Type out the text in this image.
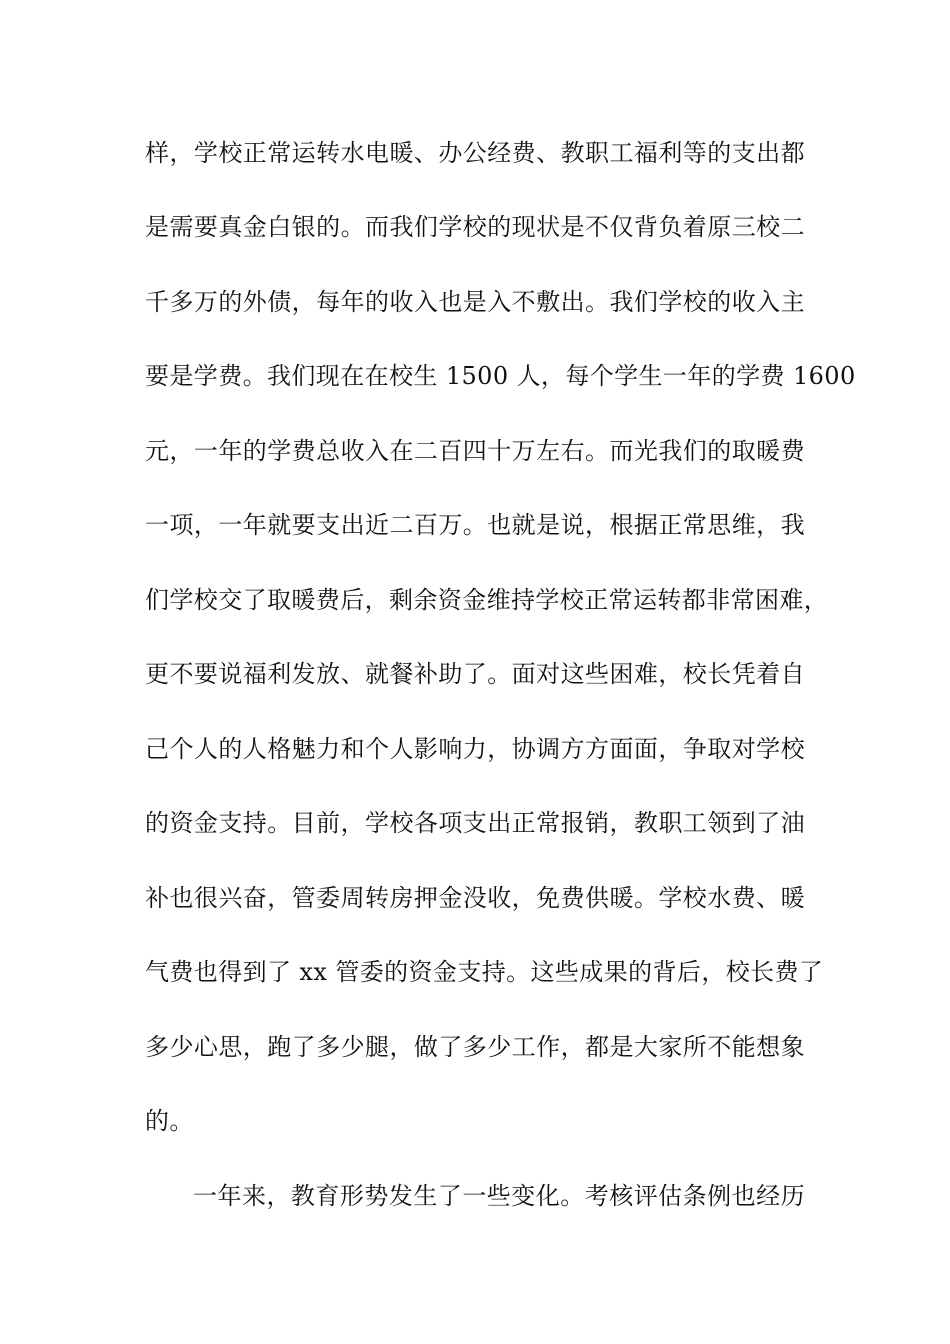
样，学校正常运转水电暖、办公经费、教职工福利等的支出都
是需要真金白银的。而我们学校的现状是不仅背负着原三校二
千多万的外债，每年的收入也是入不敷出。我们学校的收入主
要是学费。我们现在在校生 1500 人，每个学生一年的学费 1600
元，一年的学费总收入在二百四十万左右。而光我们的取暖费
一项，一年就要支出近二百万。也就是说，根据正常思维，我
们学校交了取暖费后，剩余资金维持学校正常运转都非常困难，
更不要说福利发放、就餐补助了。面对这些困难，校长凭着自
己个人的人格魅力和个人影响力，协调方方面面，争取对学校
的资金支持。目前，学校各项支出正常报销，教职工领到了油
补也很兴奋，管委周转房押金没收，免费供暖。学校水费、暖
气费也得到了 xx 管委的资金支持。这些成果的背后，校长费了
多少心思，跑了多少腿，做了多少工作，都是大家所不能想象
的。
一年来，教育形势发生了一些变化。考核评估条例也经历
